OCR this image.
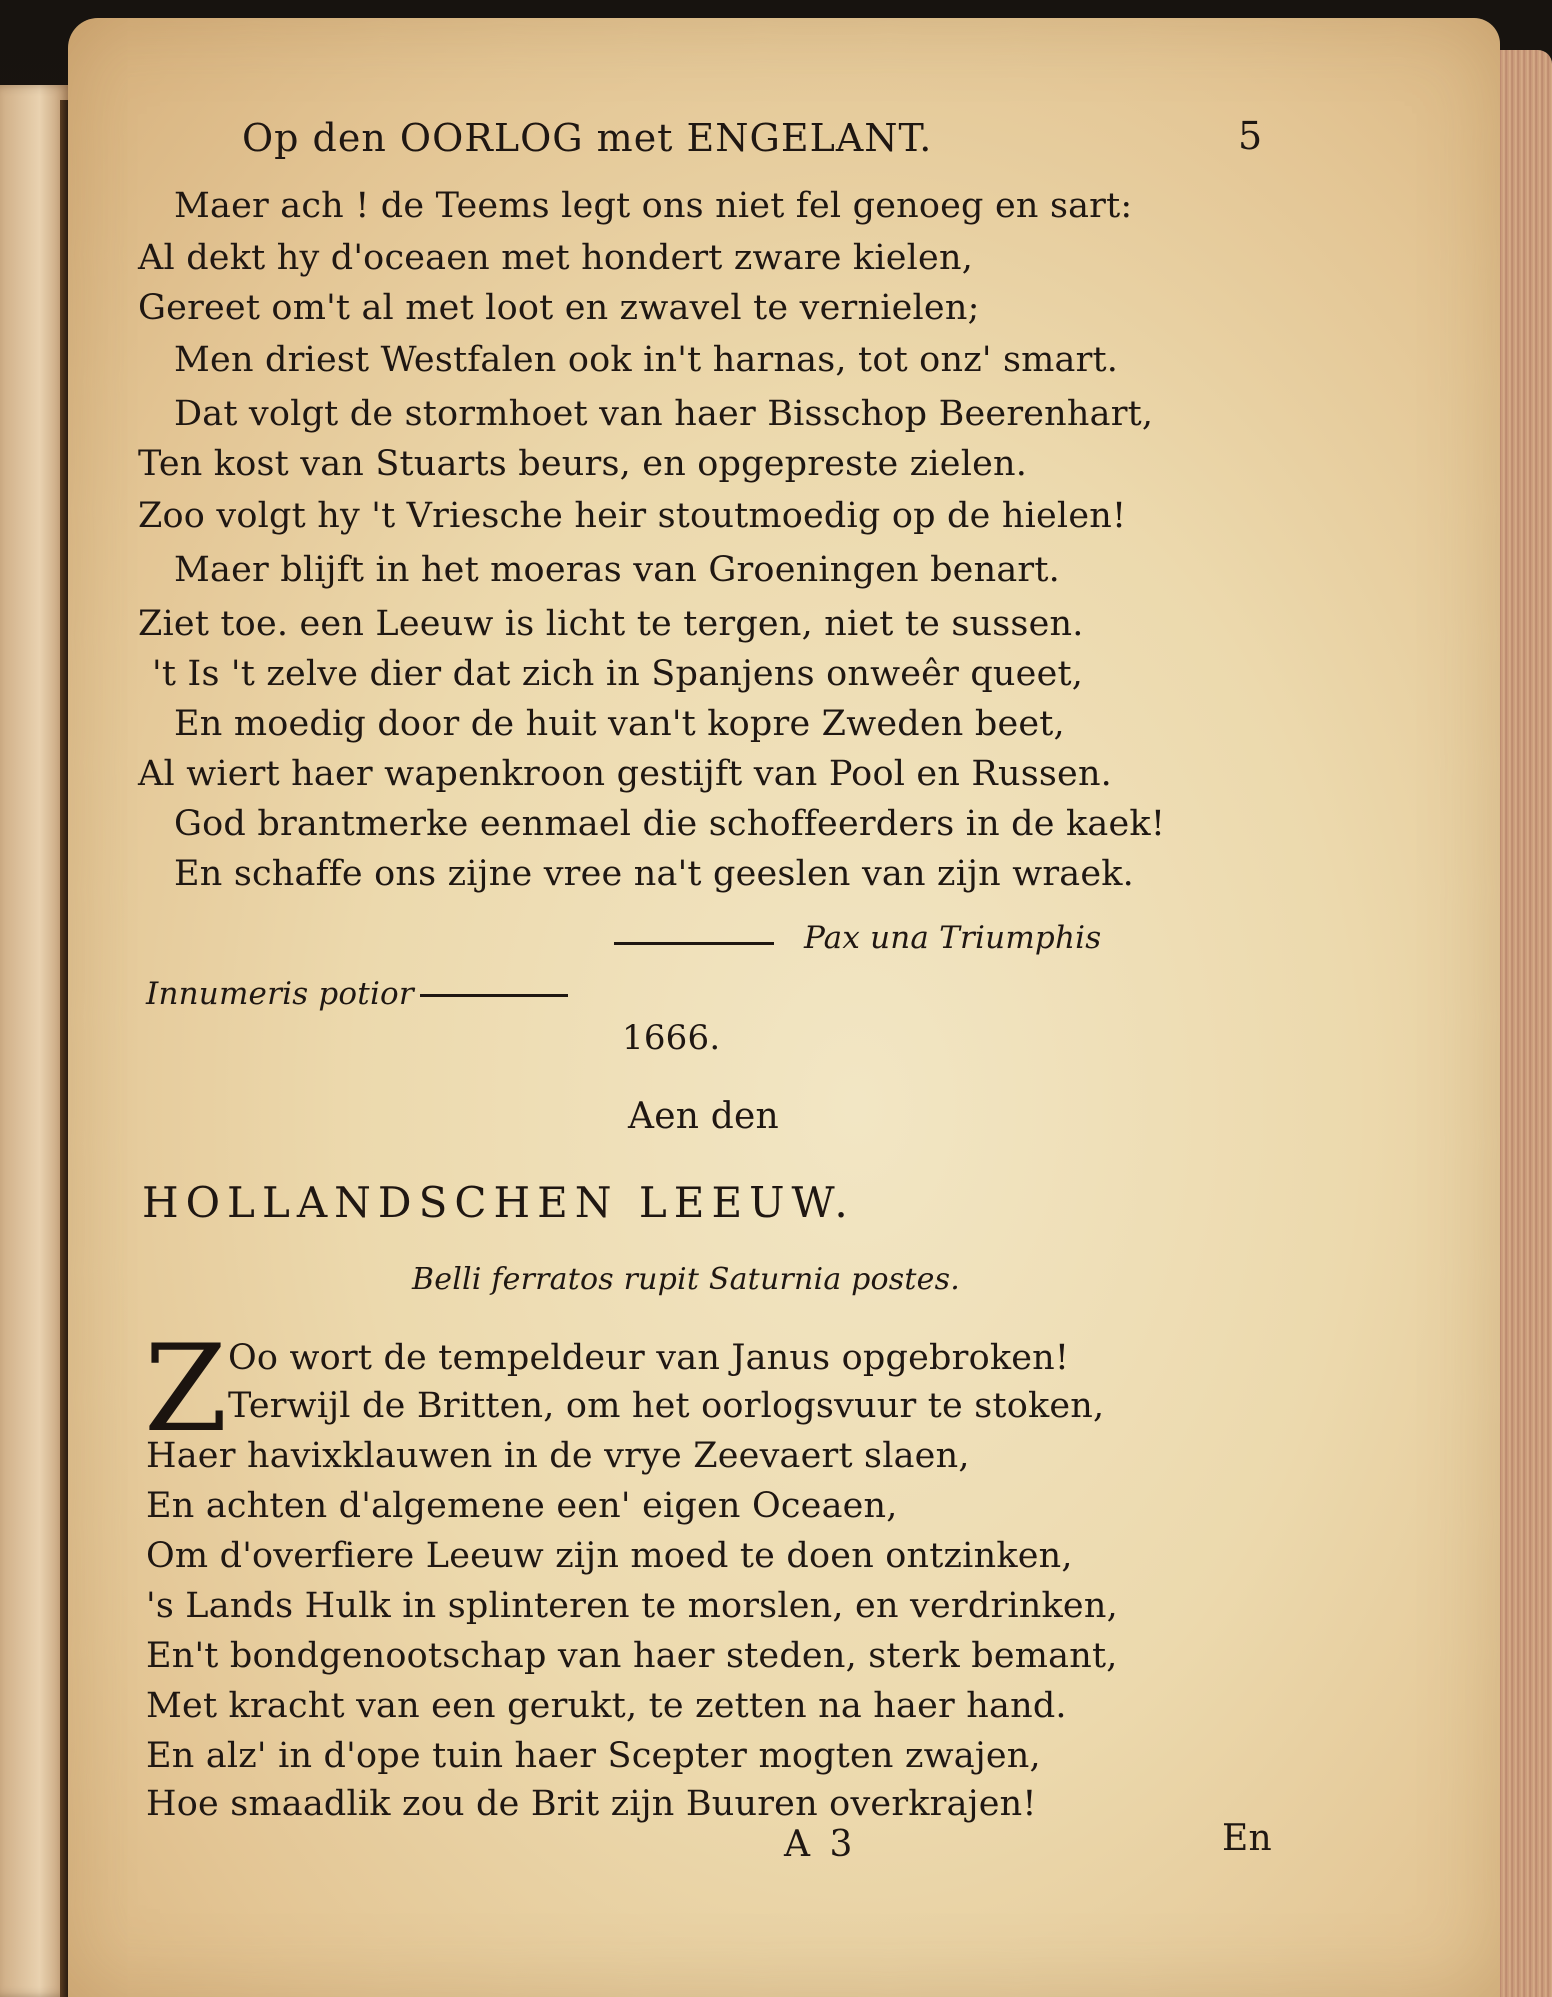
Op den OORLOG met ENGELANT.	5
Maer ach ! de Teems legt ons niet fel genoeg en sart:
Al dekt hy d'oceaen met hondert zware kielen,
Gereet om't al met loot en zwavel te vernielen;
Men driest Westfalen ook in't harnas, tot onz' smart.
Dat volgt de stormhoet van haer Bisschop Beerenhart,
Ten kost van Stuarts beurs, en opgepreste zielen.
Zoo volgt hy 't Vriesche heir stoutmoedig op de hielen!
Maer blijft in het moeras van Groeningen benart.
Ziet toe. een Leeuw is licht te tergen, niet te sussen.
't Is 't zelve dier dat zich in Spanjens onweêr queet,
En moedig door de huit van't kopre Zweden beet,
Al wiert haer wapenkroon gestijft van Pool en Russen.
God brantmerke eenmael die schoffeerders in de kaek!
En schaffe ons zijne vree na't geeslen van zijn wraek.
Pax una Triumphis
Innumeris potior
1666.
Aen den
HOLLANDSCHEN LEEUW.
Belli ferratos rupit Saturnia postes.
Z Oo wort de tempeldeur van Janus opgebroken!
Terwijl de Britten, om het oorlogsvuur te stoken,
Haer havixklauwen in de vrye Zeevaert slaen,
En achten d'algemene een' eigen Oceaen,
Om d'overfiere Leeuw zijn moed te doen ontzinken,
's Lands Hulk in splinteren te morslen, en verdrinken,
En't bondgenootschap van haer steden, sterk bemant,
Met kracht van een gerukt, te zetten na haer hand.
En alz' in d'ope tuin haer Scepter mogten zwajen,
Hoe smaadlik zou de Brit zijn Buuren overkrajen!
A 3	En
